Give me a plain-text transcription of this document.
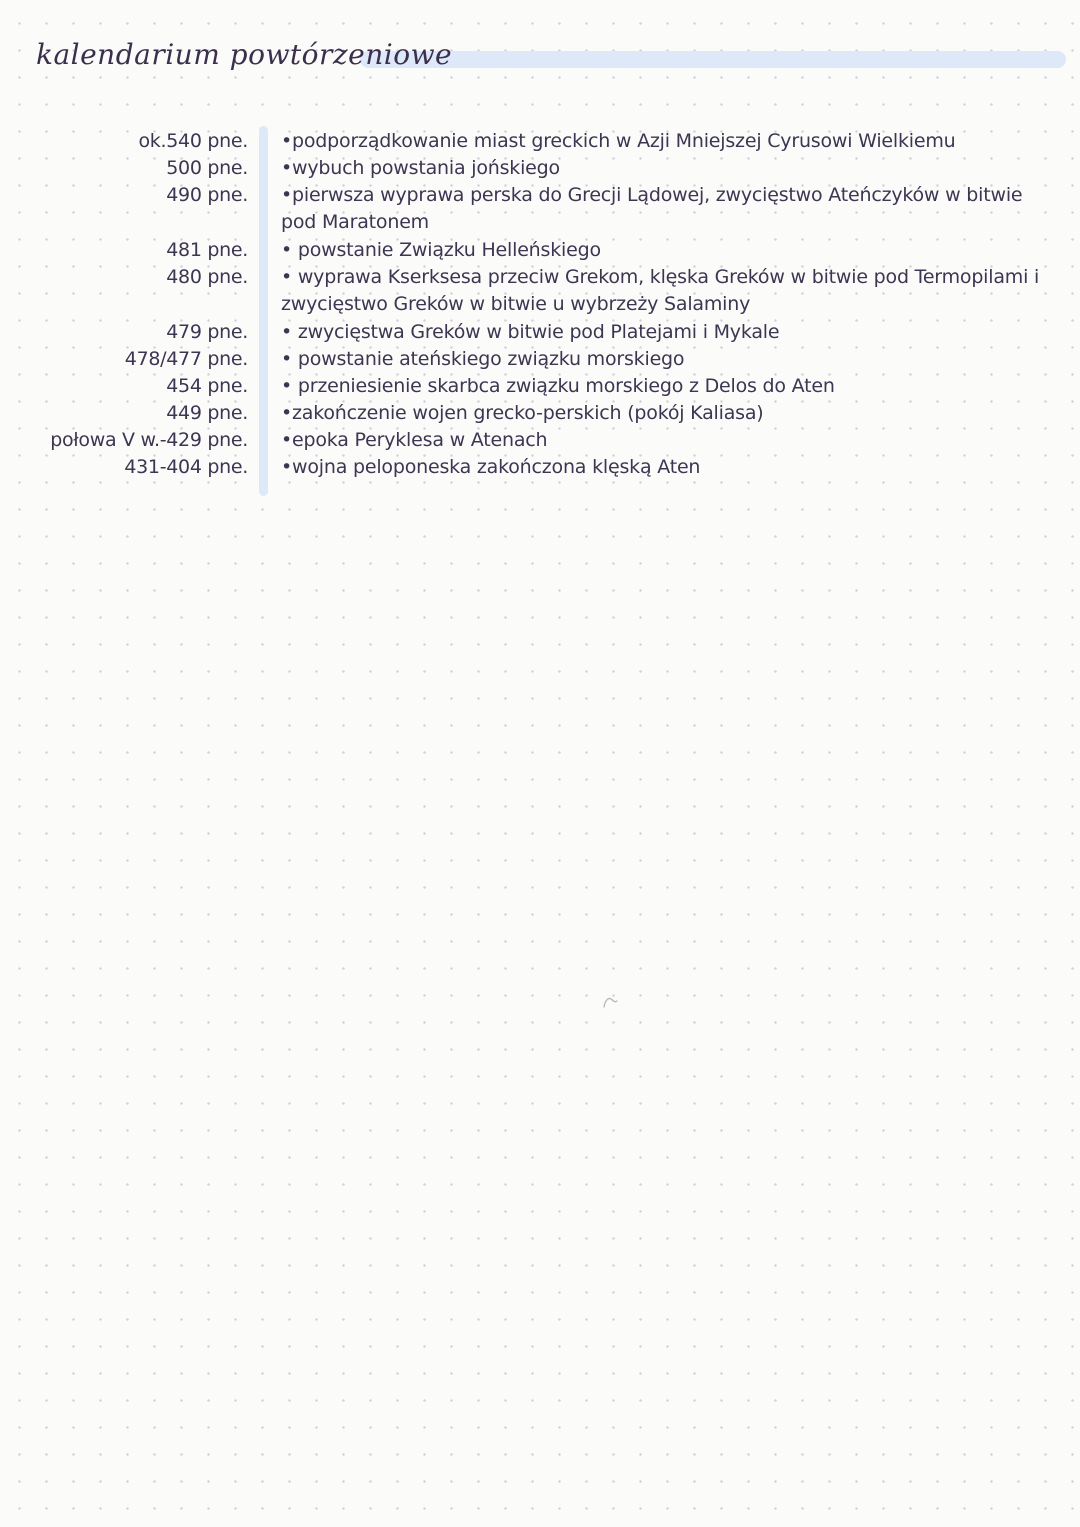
kalendarium powtórzeniowe
ok.540 pne. •podporządkowanie miast greckich w Azji Mniejszej Cyrusowi Wielkiemu
500 pne. •wybuch powstania jońskiego
490 pne. •pierwsza wyprawa perska do Grecji Lądowej, zwycięstwo Ateńczyków w bitwie pod Maratonem
481 pne. • powstanie Związku Helleńskiego
480 pne. • wyprawa Kserksesa przeciw Grekom, klęska Greków w bitwie pod Termopilami i zwycięstwo Greków w bitwie u wybrzeży Salaminy
479 pne. • zwycięstwa Greków w bitwie pod Platejami i Mykale
478/477 pne. • powstanie ateńskiego związku morskiego
454 pne. • przeniesienie skarbca związku morskiego z Delos do Aten
449 pne. •zakończenie wojen grecko-perskich (pokój Kaliasa)
połowa V w.-429 pne. •epoka Peryklesa w Atenach
431-404 pne. •wojna peloponeska zakończona klęską Aten
